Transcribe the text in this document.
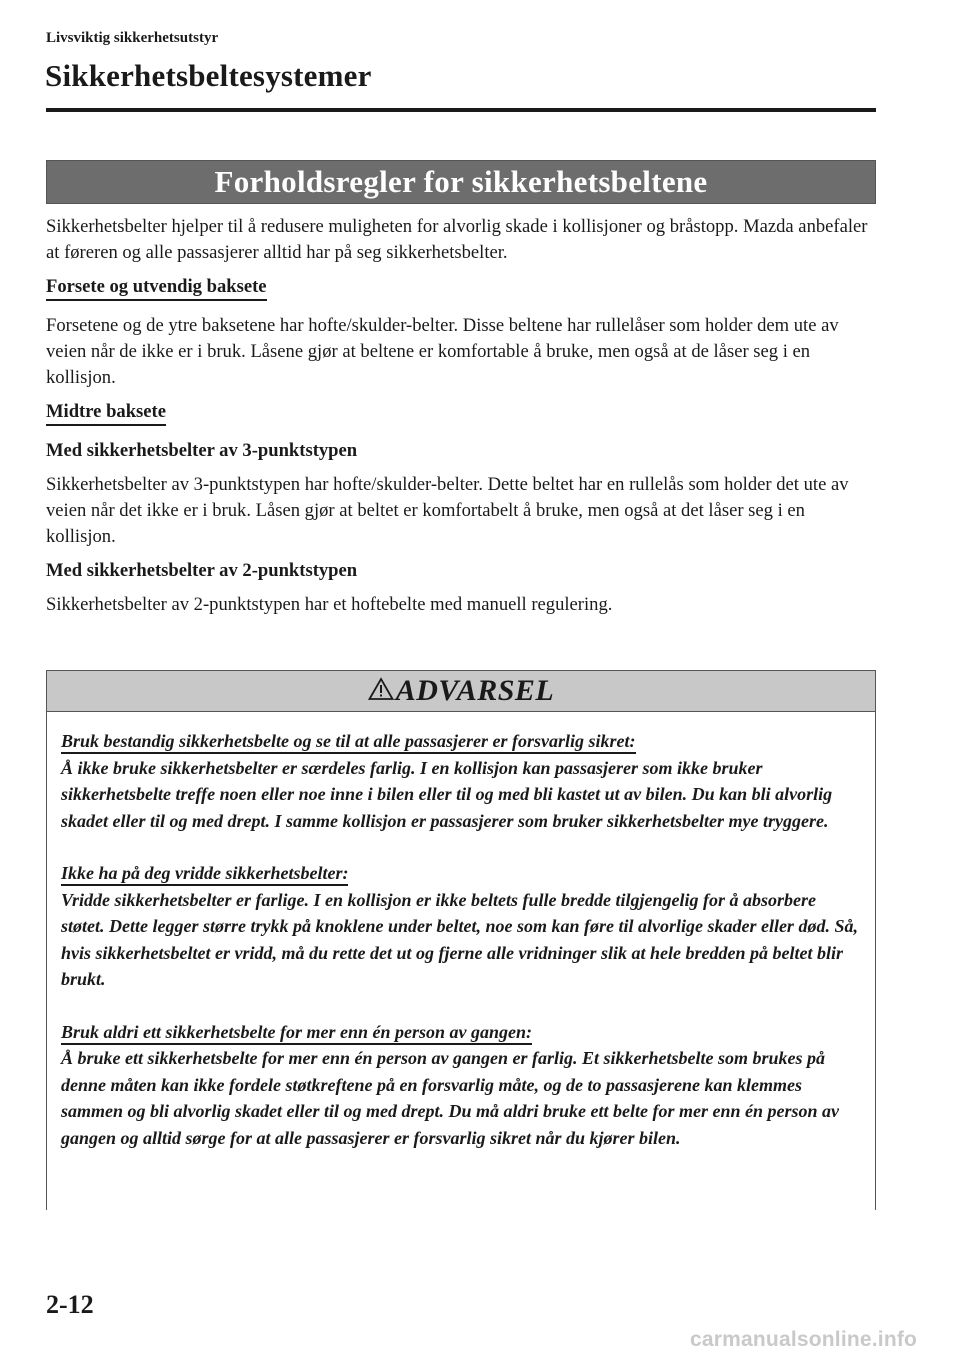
Livsviktig sikkerhetsutstyr
Sikkerhetsbeltesystemer
Forholdsregler for sikkerhetsbeltene

Sikkerhetsbelter hjelper til å redusere muligheten for alvorlig skade i kollisjoner og bråstopp. Mazda anbefaler at føreren og alle passasjerer alltid har på seg sikkerhetsbelter.

Forsete og utvendig baksete

Forsetene og de ytre baksetene har hofte/skulder-belter. Disse beltene har rullelåser som holder dem ute av veien når de ikke er i bruk. Låsene gjør at beltene er komfortable å bruke, men også at de låser seg i en kollisjon.

Midtre baksete

Med sikkerhetsbelter av 3-punktstypen

Sikkerhetsbelter av 3-punktstypen har hofte/skulder-belter. Dette beltet har en rullelås som holder det ute av veien når det ikke er i bruk. Låsen gjør at beltet er komfortabelt å bruke, men også at det låser seg i en kollisjon.

Med sikkerhetsbelter av 2-punktstypen

Sikkerhetsbelter av 2-punktstypen har et hoftebelte med manuell regulering.

ADVARSEL

Bruk bestandig sikkerhetsbelte og se til at alle passasjerer er forsvarlig sikret:
Å ikke bruke sikkerhetsbelter er særdeles farlig. I en kollisjon kan passasjerer som ikke bruker sikkerhetsbelte treffe noen eller noe inne i bilen eller til og med bli kastet ut av bilen. Du kan bli alvorlig skadet eller til og med drept. I samme kollisjon er passasjerer som bruker sikkerhetsbelter mye tryggere.

Ikke ha på deg vridde sikkerhetsbelter:
Vridde sikkerhetsbelter er farlige. I en kollisjon er ikke beltets fulle bredde tilgjengelig for å absorbere støtet. Dette legger større trykk på knoklene under beltet, noe som kan føre til alvorlige skader eller død. Så, hvis sikkerhetsbeltet er vridd, må du rette det ut og fjerne alle vridninger slik at hele bredden på beltet blir brukt.

Bruk aldri ett sikkerhetsbelte for mer enn én person av gangen:
Å bruke ett sikkerhetsbelte for mer enn én person av gangen er farlig. Et sikkerhetsbelte som brukes på denne måten kan ikke fordele støtkreftene på en forsvarlig måte, og de to passasjerene kan klemmes sammen og bli alvorlig skadet eller til og med drept. Du må aldri bruke ett belte for mer enn én person av gangen og alltid sørge for at alle passasjerer er forsvarlig sikret når du kjører bilen.

2-12
carmanualsonline.info
